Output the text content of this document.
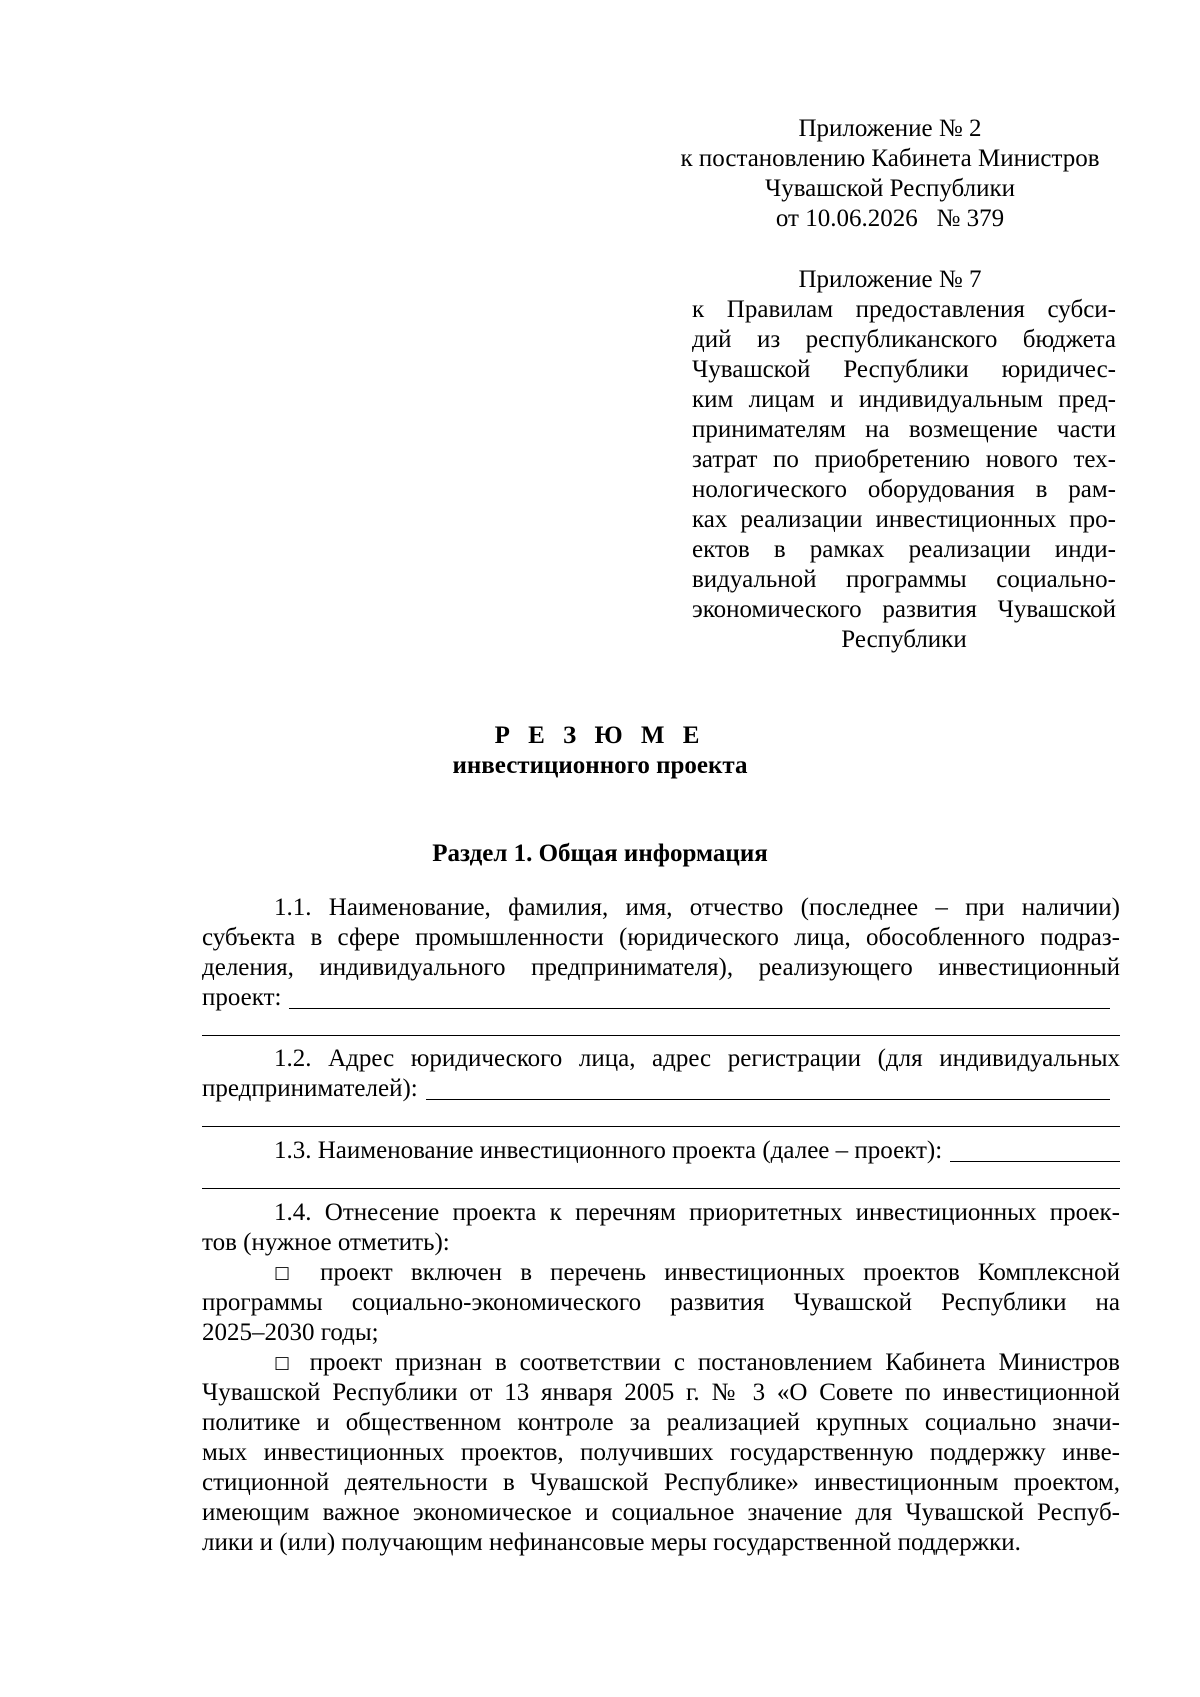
Приложение № 2
к постановлению Кабинета Министров
Чувашской Республики
от 10.06.2026   № 379
Приложение № 7
к Правилам предоставления субси-
дий из республиканского бюджета
Чувашской Республики юридичес-
ким лицам и индивидуальным пред-
принимателям на возмещение части
затрат по приобретению нового тех-
нологического оборудования в рам-
ках реализации инвестиционных про-
ектов в рамках реализации инди-
видуальной программы социально-
экономического развития Чувашской
Республики
Р Е З Ю М Е
инвестиционного проекта
Раздел 1. Общая информация
1.1. Наименование, фамилия, имя, отчество (последнее – при наличии)
субъекта в сфере промышленности (юридического лица, обособленного подраз-
деления, индивидуального предпринимателя), реализующего инвестиционный
проект:
1.2. Адрес юридического лица, адрес регистрации (для индивидуальных
предпринимателей):
1.3. Наименование инвестиционного проекта (далее – проект):
1.4. Отнесение проекта к перечням приоритетных инвестиционных проек-
тов (нужное отметить):
□ проект включен в перечень инвестиционных проектов Комплексной
программы социально-экономического развития Чувашской Республики на
2025–2030 годы;
□ проект признан в соответствии с постановлением Кабинета Министров
Чувашской Республики от 13 января 2005 г. № 3 «О Совете по инвестиционной
политике и общественном контроле за реализацией крупных социально значи-
мых инвестиционных проектов, получивших государственную поддержку инве-
стиционной деятельности в Чувашской Республике» инвестиционным проектом,
имеющим важное экономическое и социальное значение для Чувашской Респуб-
лики и (или) получающим нефинансовые меры государственной поддержки.
